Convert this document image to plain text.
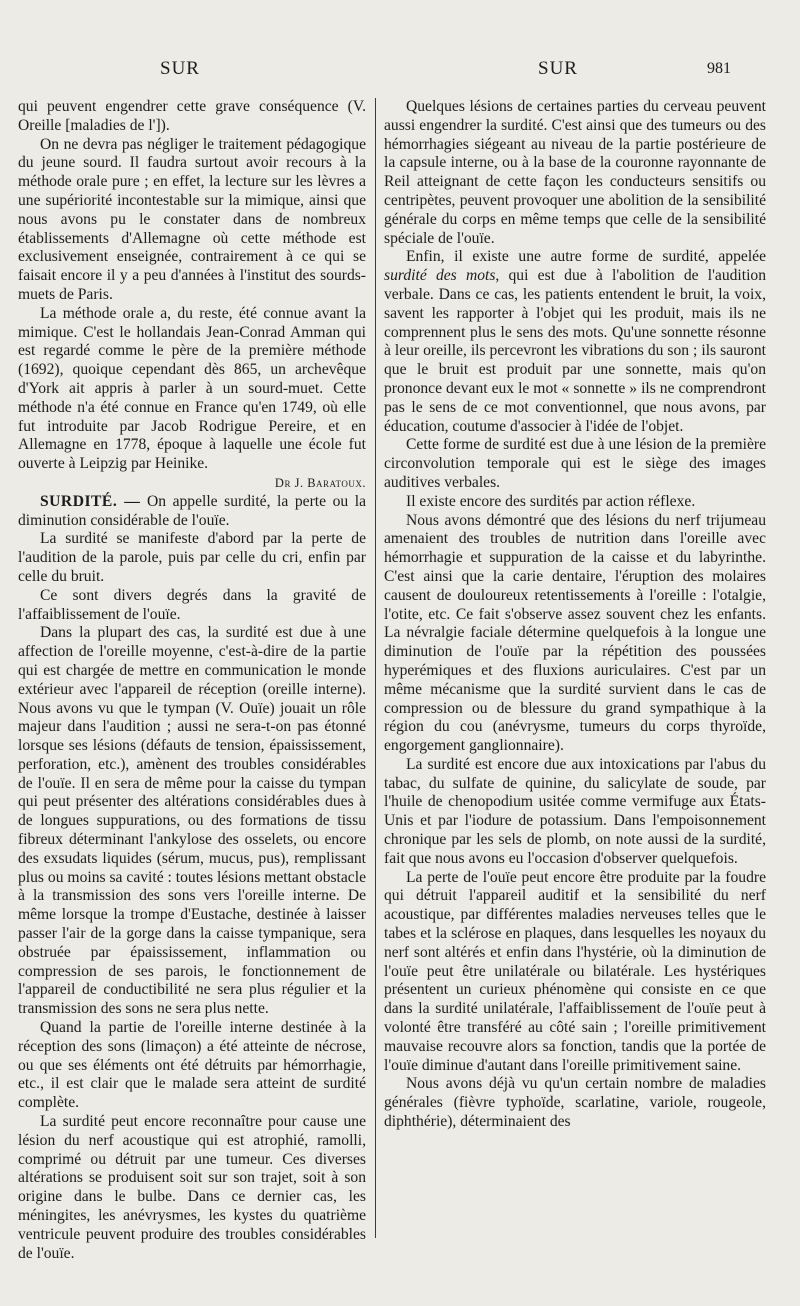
SUR	SUR	981

qui peuvent engendrer cette grave conséquence (V. Oreille [maladies de l']).

On ne devra pas négliger le traitement pédagogique du jeune sourd. Il faudra surtout avoir recours à la méthode orale pure ; en effet, la lecture sur les lèvres a une supériorité incontestable sur la mimique, ainsi que nous avons pu le constater dans de nombreux établissements d'Allemagne où cette méthode est exclusivement enseignée, contrairement à ce qui se faisait encore il y a peu d'années à l'institut des sourds-muets de Paris.

La méthode orale a, du reste, été connue avant la mimique. C'est le hollandais Jean-Conrad Amman qui est regardé comme le père de la première méthode (1692), quoique cependant dès 865, un archevêque d'York ait appris à parler à un sourd-muet. Cette méthode n'a été connue en France qu'en 1749, où elle fut introduite par Jacob Rodrigue Pereire, et en Allemagne en 1778, époque à laquelle une école fut ouverte à Leipzig par Heinike.

Dr J. Baratoux.

SURDITÉ. — On appelle surdité, la perte ou la diminution considérable de l'ouïe.

La surdité se manifeste d'abord par la perte de l'audition de la parole, puis par celle du cri, enfin par celle du bruit.

Ce sont divers degrés dans la gravité de l'affaiblissement de l'ouïe.

Dans la plupart des cas, la surdité est due à une affection de l'oreille moyenne, c'est-à-dire de la partie qui est chargée de mettre en communication le monde extérieur avec l'appareil de réception (oreille interne). Nous avons vu que le tympan (V. Ouïe) jouait un rôle majeur dans l'audition ; aussi ne sera-t-on pas étonné lorsque ses lésions (défauts de tension, épaississement, perforation, etc.), amènent des troubles considérables de l'ouïe. Il en sera de même pour la caisse du tympan qui peut présenter des altérations considérables dues à de longues suppurations, ou des formations de tissu fibreux déterminant l'ankylose des osselets, ou encore des exsudats liquides (sérum, mucus, pus), remplissant plus ou moins sa cavité : toutes lésions mettant obstacle à la transmission des sons vers l'oreille interne. De même lorsque la trompe d'Eustache, destinée à laisser passer l'air de la gorge dans la caisse tympanique, sera obstruée par épaississement, inflammation ou compression de ses parois, le fonctionnement de l'appareil de conductibilité ne sera plus régulier et la transmission des sons ne sera plus nette.

Quand la partie de l'oreille interne destinée à la réception des sons (limaçon) a été atteinte de nécrose, ou que ses éléments ont été détruits par hémorrhagie, etc., il est clair que le malade sera atteint de surdité complète.

La surdité peut encore reconnaître pour cause une lésion du nerf acoustique qui est atrophié, ramolli, comprimé ou détruit par une tumeur. Ces diverses altérations se produisent soit sur son trajet, soit à son origine dans le bulbe. Dans ce dernier cas, les méningites, les anévrysmes, les kystes du quatrième ventricule peuvent produire des troubles considérables de l'ouïe.

Quelques lésions de certaines parties du cerveau peuvent aussi engendrer la surdité. C'est ainsi que des tumeurs ou des hémorrhagies siégeant au niveau de la partie postérieure de la capsule interne, ou à la base de la couronne rayonnante de Reil atteignant de cette façon les conducteurs sensitifs ou centripètes, peuvent provoquer une abolition de la sensibilité générale du corps en même temps que celle de la sensibilité spéciale de l'ouïe.

Enfin, il existe une autre forme de surdité, appelée surdité des mots, qui est due à l'abolition de l'audition verbale. Dans ce cas, les patients entendent le bruit, la voix, savent les rapporter à l'objet qui les produit, mais ils ne comprennent plus le sens des mots. Qu'une sonnette résonne à leur oreille, ils percevront les vibrations du son ; ils sauront que le bruit est produit par une sonnette, mais qu'on prononce devant eux le mot « sonnette » ils ne comprendront pas le sens de ce mot conventionnel, que nous avons, par éducation, coutume d'associer à l'idée de l'objet.

Cette forme de surdité est due à une lésion de la première circonvolution temporale qui est le siège des images auditives verbales.

Il existe encore des surdités par action réflexe.

Nous avons démontré que des lésions du nerf trijumeau amenaient des troubles de nutrition dans l'oreille avec hémorrhagie et suppuration de la caisse et du labyrinthe. C'est ainsi que la carie dentaire, l'éruption des molaires causent de douloureux retentissements à l'oreille : l'otalgie, l'otite, etc. Ce fait s'observe assez souvent chez les enfants. La névralgie faciale détermine quelquefois à la longue une diminution de l'ouïe par la répétition des poussées hyperémiques et des fluxions auriculaires. C'est par un même mécanisme que la surdité survient dans le cas de compression ou de blessure du grand sympathique à la région du cou (anévrysme, tumeurs du corps thyroïde, engorgement ganglionnaire).

La surdité est encore due aux intoxications par l'abus du tabac, du sulfate de quinine, du salicylate de soude, par l'huile de chenopodium usitée comme vermifuge aux États-Unis et par l'iodure de potassium. Dans l'empoisonnement chronique par les sels de plomb, on note aussi de la surdité, fait que nous avons eu l'occasion d'observer quelquefois.

La perte de l'ouïe peut encore être produite par la foudre qui détruit l'appareil auditif et la sensibilité du nerf acoustique, par différentes maladies nerveuses telles que le tabes et la sclérose en plaques, dans lesquelles les noyaux du nerf sont altérés et enfin dans l'hystérie, où la diminution de l'ouïe peut être unilatérale ou bilatérale. Les hystériques présentent un curieux phénomène qui consiste en ce que dans la surdité unilatérale, l'affaiblissement de l'ouïe peut à volonté être transféré au côté sain ; l'oreille primitivement mauvaise recouvre alors sa fonction, tandis que la portée de l'ouïe diminue d'autant dans l'oreille primitivement saine.

Nous avons déjà vu qu'un certain nombre de maladies générales (fièvre typhoïde, scarlatine, variole, rougeole, diphthérie), déterminaient des
